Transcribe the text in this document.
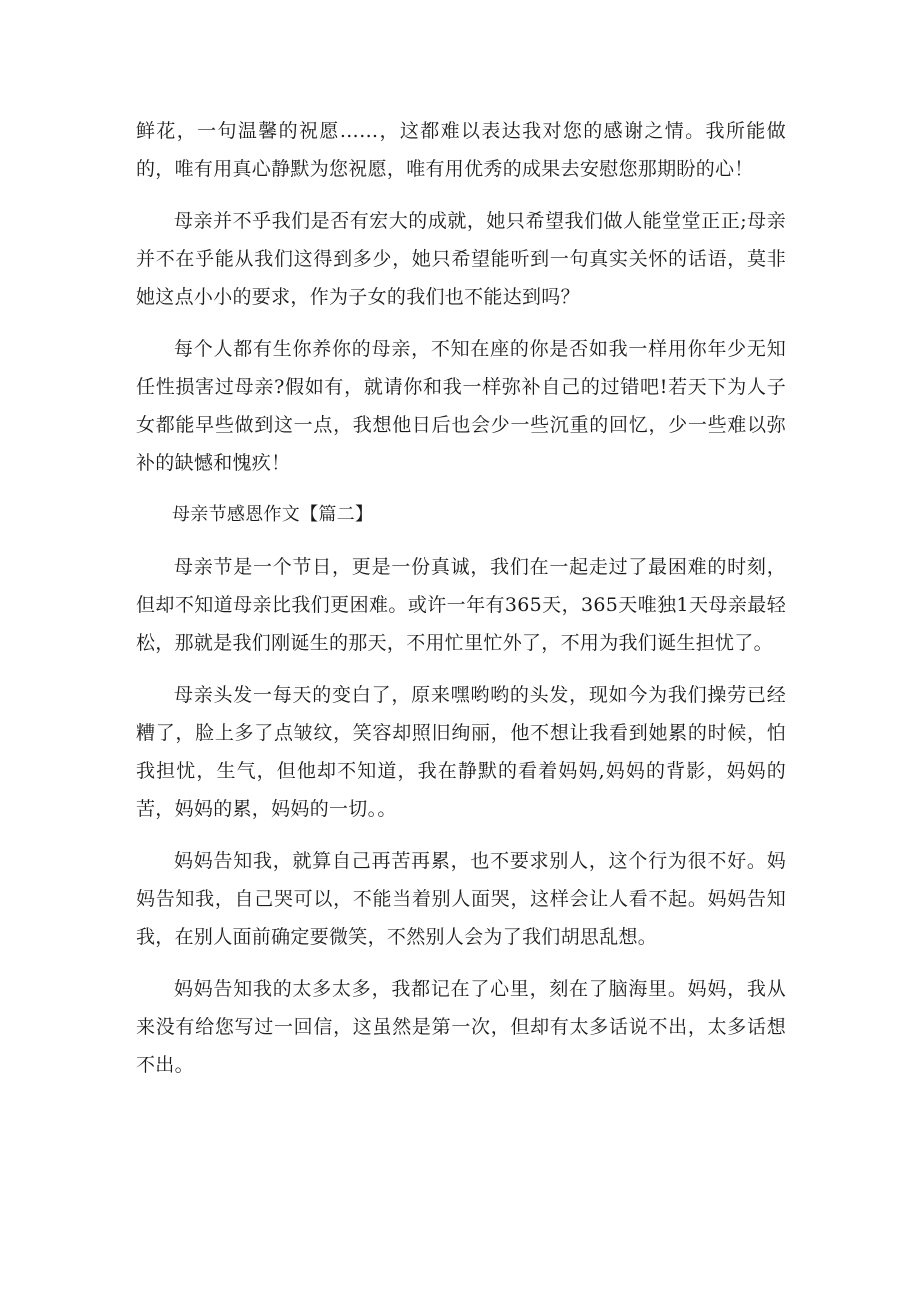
鲜花，一句温馨的祝愿……，这都难以表达我对您的感谢之情。我所能做的，唯有用真心静默为您祝愿，唯有用优秀的成果去安慰您那期盼的心！

母亲并不乎我们是否有宏大的成就，她只希望我们做人能堂堂正正;母亲并不在乎能从我们这得到多少，她只希望能听到一句真实关怀的话语，莫非她这点小小的要求，作为子女的我们也不能达到吗？

每个人都有生你养你的母亲，不知在座的你是否如我一样用你年少无知任性损害过母亲?假如有，就请你和我一样弥补自己的过错吧!若天下为人子女都能早些做到这一点，我想他日后也会少一些沉重的回忆，少一些难以弥补的缺憾和愧疚！

母亲节感恩作文【篇二】

母亲节是一个节日，更是一份真诚，我们在一起走过了最困难的时刻，但却不知道母亲比我们更困难。或许一年有365天，365天唯独1天母亲最轻松，那就是我们刚诞生的那天，不用忙里忙外了，不用为我们诞生担忧了。

母亲头发一每天的变白了，原来嘿哟哟的头发，现如今为我们操劳已经糟了，脸上多了点皱纹，笑容却照旧绚丽，他不想让我看到她累的时候，怕我担忧，生气，但他却不知道，我在静默的看着妈妈,妈妈的背影，妈妈的苦，妈妈的累，妈妈的一切。。

妈妈告知我，就算自己再苦再累，也不要求别人，这个行为很不好。妈妈告知我，自己哭可以，不能当着别人面哭，这样会让人看不起。妈妈告知我，在别人面前确定要微笑，不然别人会为了我们胡思乱想。

妈妈告知我的太多太多，我都记在了心里，刻在了脑海里。妈妈，我从来没有给您写过一回信，这虽然是第一次，但却有太多话说不出，太多话想不出。
